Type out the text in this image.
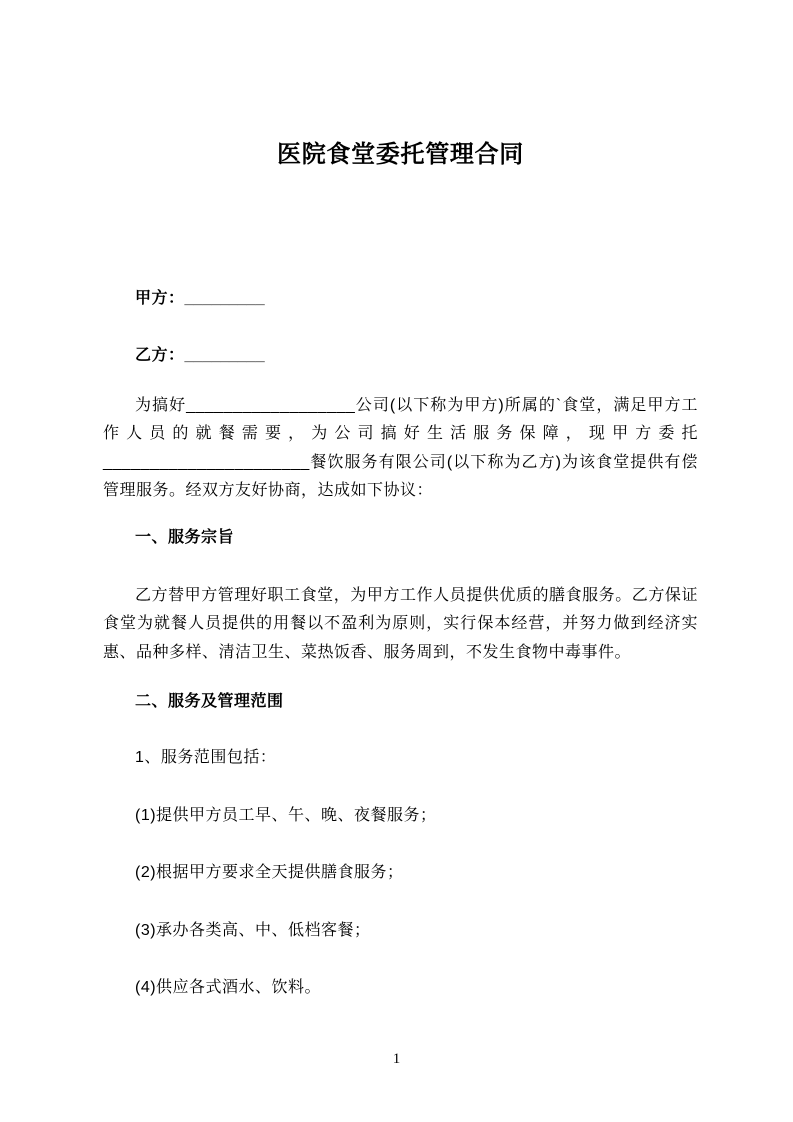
医院食堂委托管理合同

甲方：_________

乙方：_________

为搞好__________________公司(以下称为甲方)所属的`食堂，满足甲方工作人员的就餐需要，为公司搞好生活服务保障，现甲方委托______________________餐饮服务有限公司(以下称为乙方)为该食堂提供有偿管理服务。经双方友好协商，达成如下协议：

一、服务宗旨

乙方替甲方管理好职工食堂，为甲方工作人员提供优质的膳食服务。乙方保证食堂为就餐人员提供的用餐以不盈利为原则，实行保本经营，并努力做到经济实惠、品种多样、清洁卫生、菜热饭香、服务周到，不发生食物中毒事件。

二、服务及管理范围

1、服务范围包括：

(1)提供甲方员工早、午、晚、夜餐服务；

(2)根据甲方要求全天提供膳食服务；

(3)承办各类高、中、低档客餐；

(4)供应各式酒水、饮料。

1
